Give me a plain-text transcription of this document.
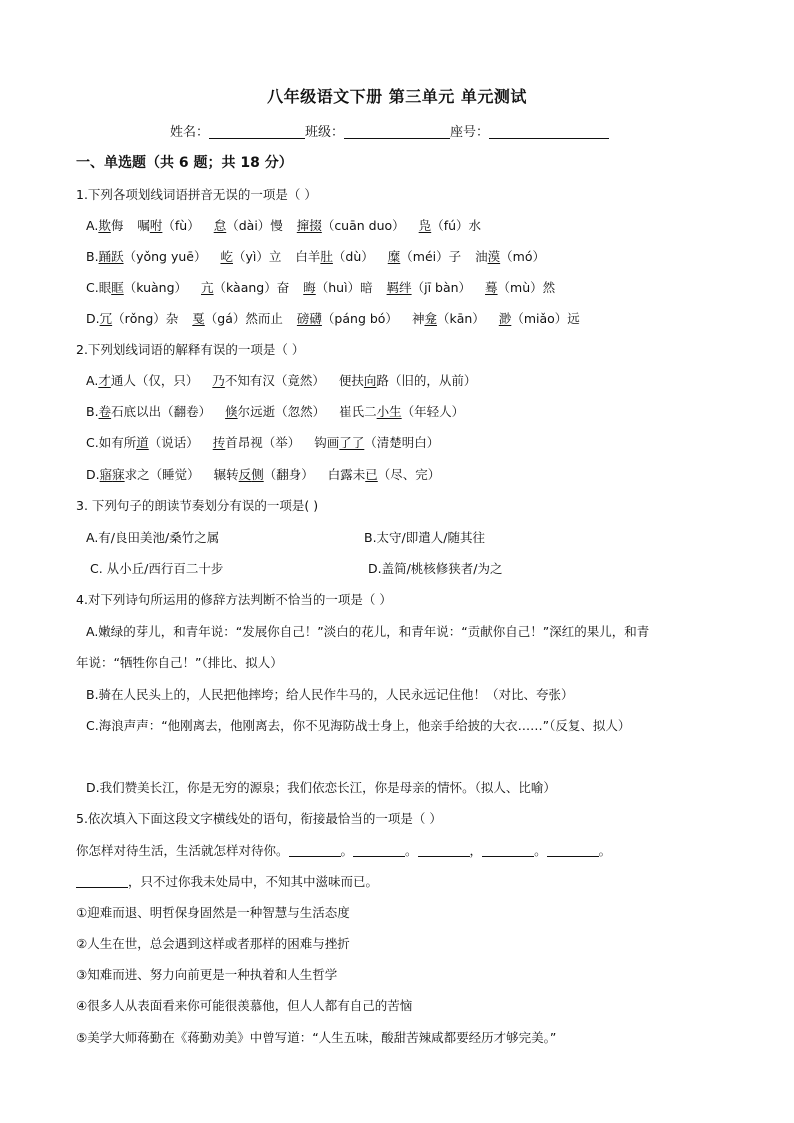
八年级语文下册 第三单元 单元测试
姓名：	班级：	座号：
一、单选题（共 6 题；共 18 分）
1.下列各项划线词语拼音无误的一项是（ ）
A.欺侮 嘱咐（fù） 怠（dài）慢 撺掇（cuān duo） 凫（fú）水
B.踊跃（yǒng yuē） 屹（yì）立 白羊肚（dù） 糜（méi）子 油漠（mó）
C.眼眶（kuàng） 亢（kàang）奋 晦（huì）暗 羁绊（jī bàn） 蓦（mù）然
D.冗（rǒng）杂 戛（gá）然而止 磅礴（páng bó） 神龛（kān） 渺（miǎo）远
2.下列划线词语的解释有误的一项是（ ）
A.才通人（仅，只） 乃不知有汉（竟然） 便扶向路（旧的，从前）
B.卷石底以出（翻卷） 倏尔远逝（忽然） 崔氏二小生（年轻人）
C.如有所道（说话） 抟首昂视（举） 钩画了了（清楚明白）
D.寤寐求之（睡觉） 辗转反侧（翻身） 白露未已（尽、完）
3. 下列句子的朗读节奏划分有误的一项是( )
A.有/良田美池/桑竹之属	B.太守/即遣人/随其往
C. 从小丘/西行百二十步	D.盖简/桃核修狭者/为之
4.对下列诗句所运用的修辞方法判断不恰当的一项是（ ）
A.嫩绿的芽儿，和青年说：“发展你自己！”淡白的花儿，和青年说：“贡献你自己！”深红的果儿，和青
年说：“牺牲你自己！”（排比、拟人）
B.骑在人民头上的，人民把他摔垮；给人民作牛马的，人民永远记住他！（对比、夸张）
C.海浪声声：“他刚离去，他刚离去，你不见海防战士身上，他亲手给披的大衣……”（反复、拟人）
D.我们赞美长江，你是无穷的源泉；我们依恋长江，你是母亲的情怀。（拟人、比喻）
5.依次填入下面这段文字横线处的语句，衔接最恰当的一项是（ ）
你怎样对待生活，生活就怎样对待你。	。	。	，	。	。
，只不过你我未处局中，不知其中滋味而已。
①迎难而退、明哲保身固然是一种智慧与生活态度
②人生在世，总会遇到这样或者那样的困难与挫折
③知难而进、努力向前更是一种执着和人生哲学
④很多人从表面看来你可能很羡慕他，但人人都有自己的苦恼
⑤美学大师蒋勤在《蒋勤劝美》中曾写道：“人生五味，酸甜苦辣咸都要经历才够完美。”
